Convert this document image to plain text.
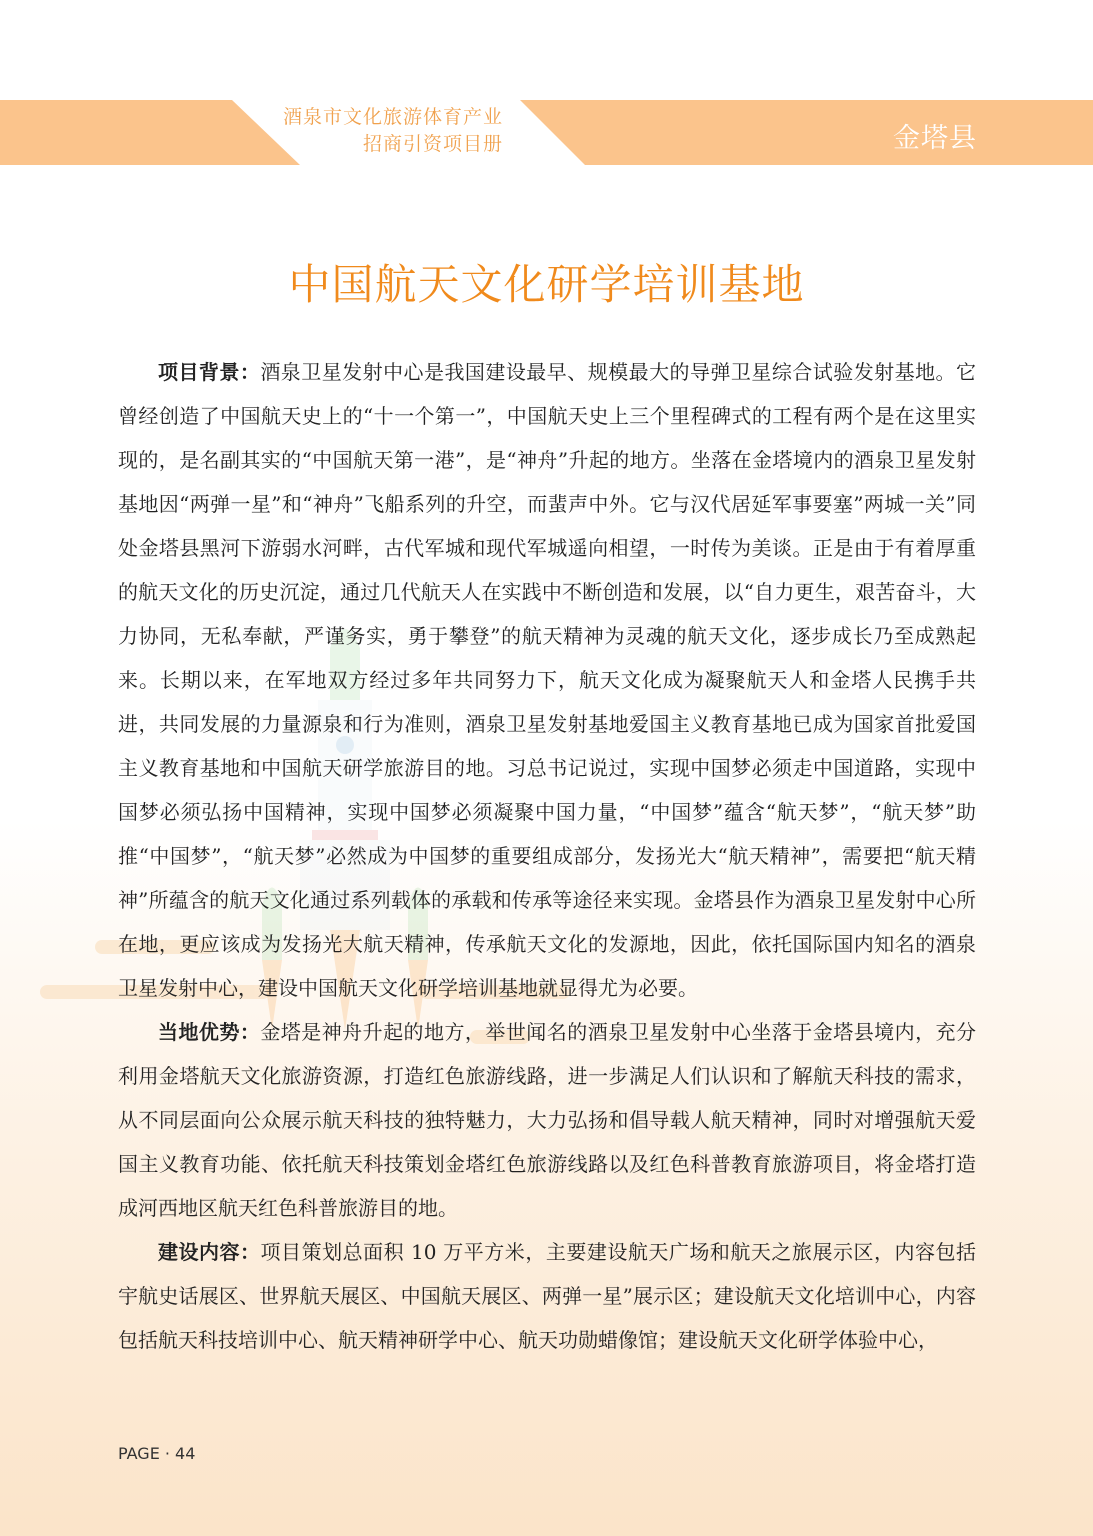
酒泉市文化旅游体育产业
招商引资项目册	金塔县
中国航天文化研学培训基地

项目背景：酒泉卫星发射中心是我国建设最早、规模最大的导弹卫星综合试验发射基地。它曾经创造了中国航天史上的“十一个第一”，中国航天史上三个里程碑式的工程有两个是在这里实现的，是名副其实的“中国航天第一港”，是“神舟”升起的地方。坐落在金塔境内的酒泉卫星发射基地因“两弹一星”和“神舟”飞船系列的升空，而蜚声中外。它与汉代居延军事要塞”两城一关”同处金塔县黑河下游弱水河畔，古代军城和现代军城遥向相望，一时传为美谈。正是由于有着厚重的航天文化的历史沉淀，通过几代航天人在实践中不断创造和发展，以“自力更生，艰苦奋斗，大力协同，无私奉献，严谨务实，勇于攀登”的航天精神为灵魂的航天文化，逐步成长乃至成熟起来。长期以来，在军地双方经过多年共同努力下，航天文化成为凝聚航天人和金塔人民携手共进，共同发展的力量源泉和行为准则，酒泉卫星发射基地爱国主义教育基地已成为国家首批爱国主义教育基地和中国航天研学旅游目的地。习总书记说过，实现中国梦必须走中国道路，实现中国梦必须弘扬中国精神，实现中国梦必须凝聚中国力量，“中国梦”蕴含“航天梦”，“航天梦”助推“中国梦”，“航天梦”必然成为中国梦的重要组成部分，发扬光大“航天精神”，需要把“航天精神”所蕴含的航天文化通过系列载体的承载和传承等途径来实现。金塔县作为酒泉卫星发射中心所在地，更应该成为发扬光大航天精神，传承航天文化的发源地，因此，依托国际国内知名的酒泉卫星发射中心，建设中国航天文化研学培训基地就显得尤为必要。

当地优势：金塔是神舟升起的地方，举世闻名的酒泉卫星发射中心坐落于金塔县境内，充分利用金塔航天文化旅游资源，打造红色旅游线路，进一步满足人们认识和了解航天科技的需求，从不同层面向公众展示航天科技的独特魅力，大力弘扬和倡导载人航天精神，同时对增强航天爱国主义教育功能、依托航天科技策划金塔红色旅游线路以及红色科普教育旅游项目，将金塔打造成河西地区航天红色科普旅游目的地。

建设内容：项目策划总面积 10 万平方米，主要建设航天广场和航天之旅展示区，内容包括宇航史话展区、世界航天展区、中国航天展区、两弹一星”展示区；建设航天文化培训中心，内容包括航天科技培训中心、航天精神研学中心、航天功勋蜡像馆；建设航天文化研学体验中心，

PAGE · 44
